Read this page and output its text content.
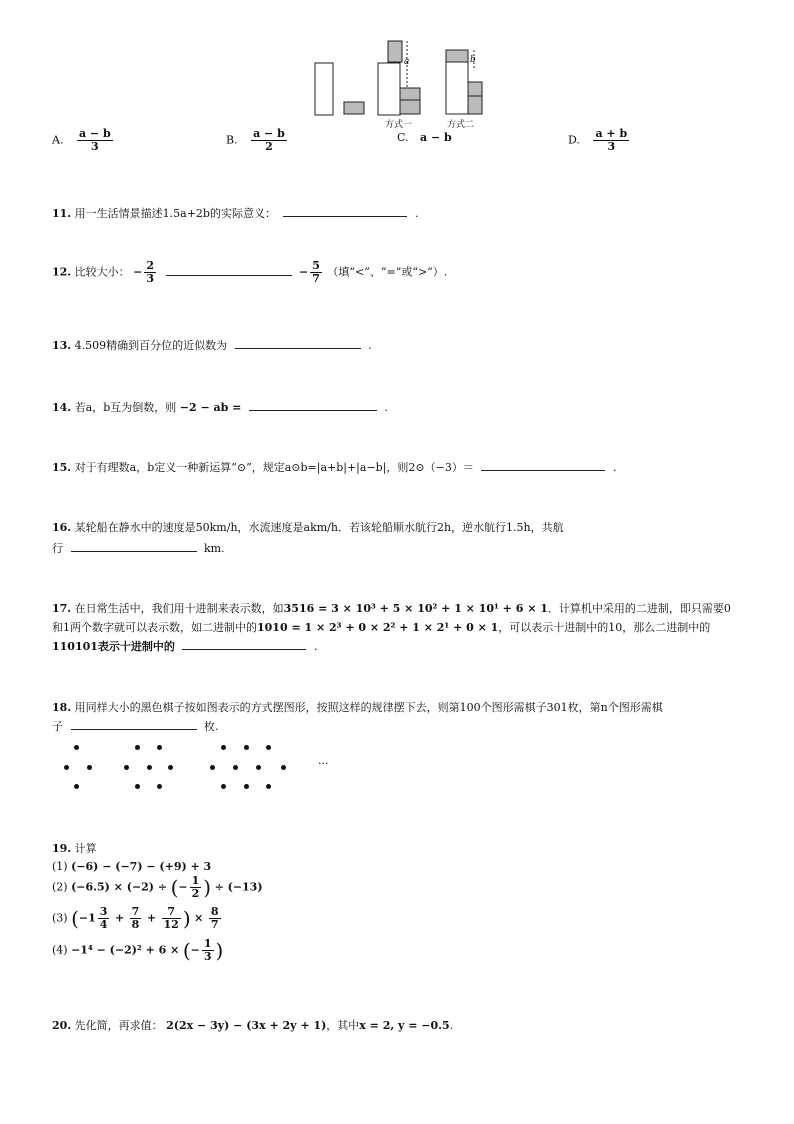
a	b
方式一	方式二
A. $\frac{a - b}{3}$	B. $\frac{a - b}{2}$	C. a − b	D. $\frac{a + b}{3}$
11. 用一生活情景描述1.5a+2b的实际意义：	.
12. 比较大小： − $\frac{2}{3}$	− $\frac{5}{7}$ （填“<”、“=”或“>”）.
13. 4.509精确到百分位的近似数为	.
14. 若a，b互为倒数，则 −2 − ab =	.
15. 对于有理数a，b定义一种新运算“⊙”，规定a⊙b=|a+b|+|a−b|，则2⊙（−3）＝	.
16. 某轮船在静水中的速度是50km/h，水流速度是akm/h．若该轮船顺水航行2h，逆水航行1.5h，共航
行	km.
17. 在日常生活中，我们用十进制来表示数，如3516 = 3 × 10³ + 5 × 10² + 1 × 10¹ + 6 × 1．计算机中采用的二进制，即只需要0
和1两个数字就可以表示数，如二进制中的1010 = 1 × 2³ + 0 × 2² + 1 × 2¹ + 0 × 1，可以表示十进制中的10，那么二进制中的
110101表示十进制中的	.
18. 用同样大小的黑色棋子按如图表示的方式摆图形，按照这样的规律摆下去，则第100个图形需棋子301枚，第n个图形需棋
子	枚.
···
19. 计算
(1) (−6) − (−7) − (+9) + 3
(2) (−6.5) × (−2) ÷ (− $\frac{1}{2}$ ) ÷ (−13)
(3) ($-1 \frac{3}{4} + \frac{7}{8} + \frac{7}{12}$ ) × $\frac{8}{7}$
(4) −1⁴ − (−2)² + 6 × (− $\frac{1}{3}$ )
20. 先化简，再求值： 2(2x − 3y) − (3x + 2y + 1)，其中x = 2, y = −0.5.
